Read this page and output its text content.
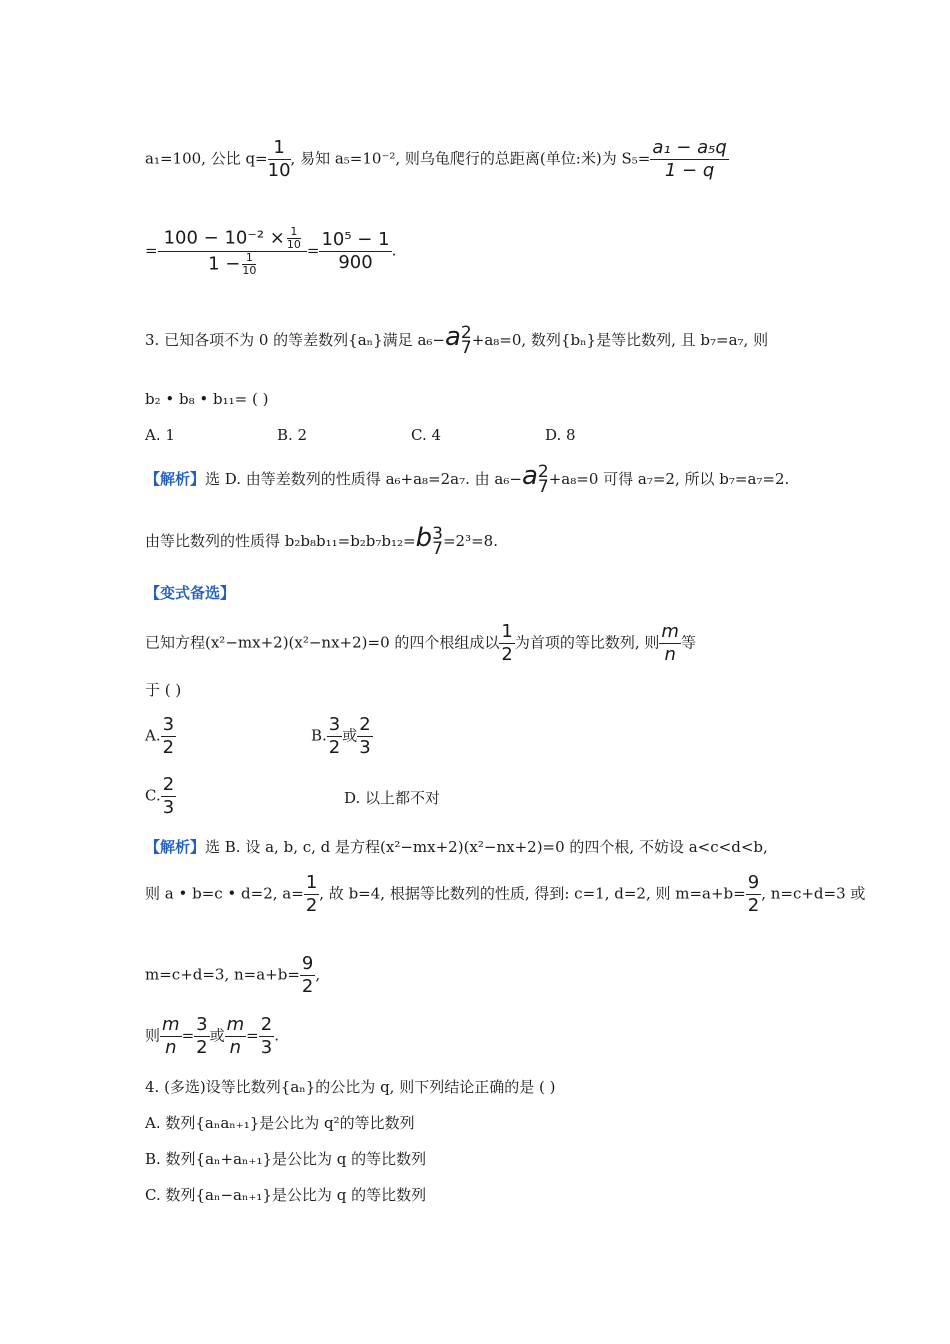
a₁=100, 公比 $q= \frac{1}{10}$ , 易知 a₅=10⁻², 则乌龟爬行的总距离(单位:米)为 $S_5= \frac{\text{a₁ − a₅q}}{1 - q}$
= $\frac{100 - 10^{-2} \times \frac{1}{10}}{1 - \frac{1}{10}} = \frac{\text{10⁵ − 1}}{900}$ .
3. 已知各项不为 0 的等差数列{aₙ}满足 a₆−a 2
7 +a₈=0, 数列{bₙ}是等比数列, 且 b₇=a₇, 则
b₂ • b₈ • b₁₁= ( )
A. 1	B. 2	C. 4	D. 8
【解析】选 D. 由等差数列的性质得 a₆+a₈=2a₇. 由 a₆−a 2
7 +a₈=0 可得 a₇=2, 所以 b₇=a₇=2.
由等比数列的性质得 b₂b₈b₁₁=b₂b₇b₁₂=b 3
7 =2³=8.
【变式备选】
已知方程(x²−mx+2)(x²−nx+2)=0 的四个根组成以 $\frac{1}{2}$ 为首项的等比数列, 则 $\frac{m}{n}$ 等
于 ( )
A. $\frac{3}{2}$	B. $\frac{3}{2}$ 或 $\frac{2}{3}$
C. $\frac{2}{3}$	D. 以上都不对
【解析】选 B. 设 a, b, c, d 是方程(x²−mx+2)(x²−nx+2)=0 的四个根, 不妨设 a<c<d<b,
则 a • b=c • d=2, $a= \frac{1}{2}$ , 故 b=4, 根据等比数列的性质, 得到: c=1, d=2, 则 $m=a+b= \frac{9}{2}$ , n=c+d=3 或
m=c+d=3, $n=a+b= \frac{9}{2}$ ,
则 $\frac{m}{n} = \frac{3}{2}$ 或 $\frac{m}{n} = \frac{2}{3}$ .
4. (多选)设等比数列{aₙ}的公比为 q, 则下列结论正确的是 ( )
A. 数列{aₙaₙ₊₁}是公比为 q²的等比数列
B. 数列{aₙ+aₙ₊₁}是公比为 q 的等比数列
C. 数列{aₙ−aₙ₊₁}是公比为 q 的等比数列
